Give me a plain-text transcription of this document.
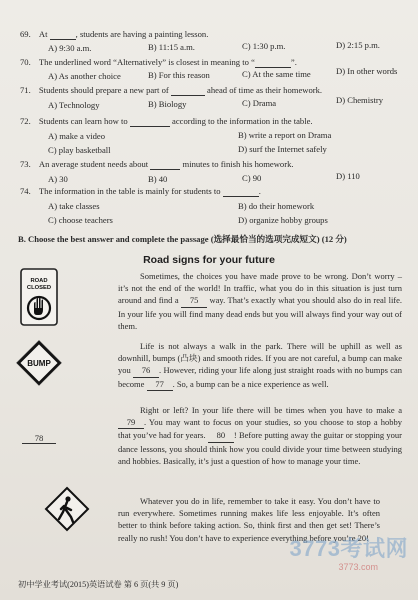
69. At	, students are having a painting lesson.
A) 9:30 a.m.	B) 11:15 a.m.	C) 1:30 p.m.	D) 2:15 p.m.
70. The underlined word “Alternatively” is closest in meaning to “	”.
A) As another choice	B) For this reason	C) At the same time	D) In other words
71. Students should prepare a new part of	ahead of time as their homework.
A) Technology	B) Biology	C) Drama	D) Chemistry
72. Students can learn how to	according to the information in the table.
A) make a video	B) write a report on Drama
C) play basketball	D) surf the Internet safely
73. An average student needs about	minutes to finish his homework.
A) 30	B) 40	C) 90	D) 110
74. The information in the table is mainly for students to	.
A) take classes	B) do their homework
C) choose teachers	D) organize hobby groups
B. Choose the best answer and complete the passage (选择最恰当的选项完成短文) (12 分)
Road signs for your future
ROAD
CLOSED
BUMP
78
Sometimes, the choices you have made prove to be wrong. Don’t worry – it’s not the end of the world! In traffic, what you do in this situation is just turn around and find a 75 way. That’s exactly what you should also do in real life. In your life you will find many dead ends but you will always find your way out of them.
Life is not always a walk in the park. There will be uphill as well as downhill, bumps (凸块) and smooth rides. If you are not careful, a bump can make you 76 . However, riding your life along just straight roads with no bumps can become 77 . So, a bump can be a nice experience as well.
Right or left? In your life there will be times when you have to make a 79 . You may want to focus on your studies, so you choose to stop a hobby that you’ve had for years. 80 ! Before putting away the guitar or stopping your dance lessons, you should think how you could divide your time between studying and hobbies. Basically, it’s just a question of how to manage your time.
Whatever you do in life, remember to take it easy. You don’t have to run everywhere. Sometimes running makes life less enjoyable. It’s often better to think before taking action. So, think first and then get set! There’s really no rush! You don’t have to experience everything before you’re 20!
初中学业考试(2015)英语试卷 第 6 页(共 9 页)
3773考试网
3773.com
